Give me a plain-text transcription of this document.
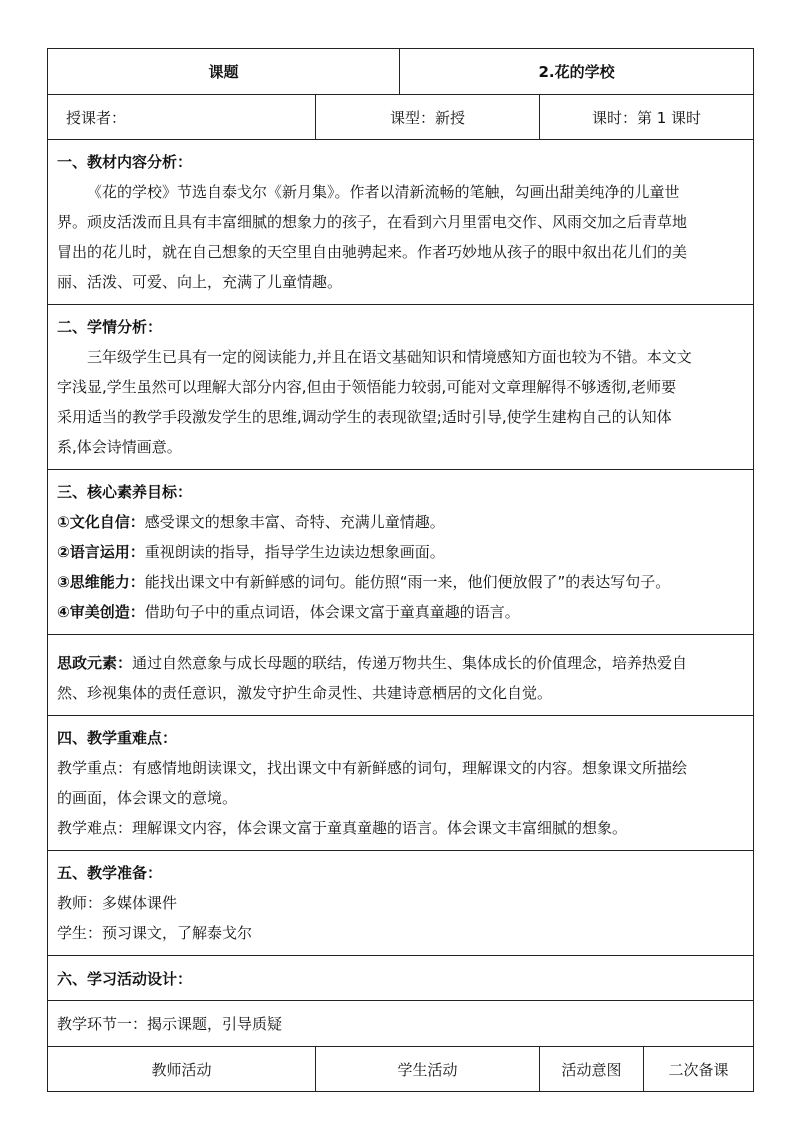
课题		2.花的学校		
授课者：	课型：新授		课时：第 1 课时	

一、教材内容分析：

《花的学校》节选自泰戈尔《新月集》。作者以清新流畅的笔触，勾画出甜美纯净的儿童世

界。顽皮活泼而且具有丰富细腻的想象力的孩子，在看到六月里雷电交作、风雨交加之后青草地

冒出的花儿时，就在自己想象的天空里自由驰骋起来。作者巧妙地从孩子的眼中叙出花儿们的美

丽、活泼、可爱、向上，充满了儿童情趣。				

二、学情分析：

三年级学生已具有一定的阅读能力,并且在语文基础知识和情境感知方面也较为不错。本文文

字浅显,学生虽然可以理解大部分内容,但由于领悟能力较弱,可能对文章理解得不够透彻,老师要

采用适当的教学手段激发学生的思维,调动学生的表现欲望;适时引导,使学生建构自己的认知体

系,体会诗情画意。				

三、核心素养目标：

①文化自信：感受课文的想象丰富、奇特、充满儿童情趣。

②语言运用：重视朗读的指导，指导学生边读边想象画面。

③思维能力：能找出课文中有新鲜感的词句。能仿照“雨一来，他们便放假了”的表达写句子。

④审美创造：借助句子中的重点词语，体会课文富于童真童趣的语言。				

思政元素：通过自然意象与成长母题的联结，传递万物共生、集体成长的价值理念，培养热爱自

然、珍视集体的责任意识，激发守护生命灵性、共建诗意栖居的文化自觉。				

四、教学重难点：

教学重点：有感情地朗读课文，找出课文中有新鲜感的词句，理解课文的内容。想象课文所描绘

的画面，体会课文的意境。

教学难点：理解课文内容，体会课文富于童真童趣的语言。体会课文丰富细腻的想象。				

五、教学准备：

教师：多媒体课件

学生：预习课文，了解泰戈尔				

六、学习活动设计：				
教学环节一：揭示课题，引导质疑				
教师活动	学生活动		活动意图	二次备课
